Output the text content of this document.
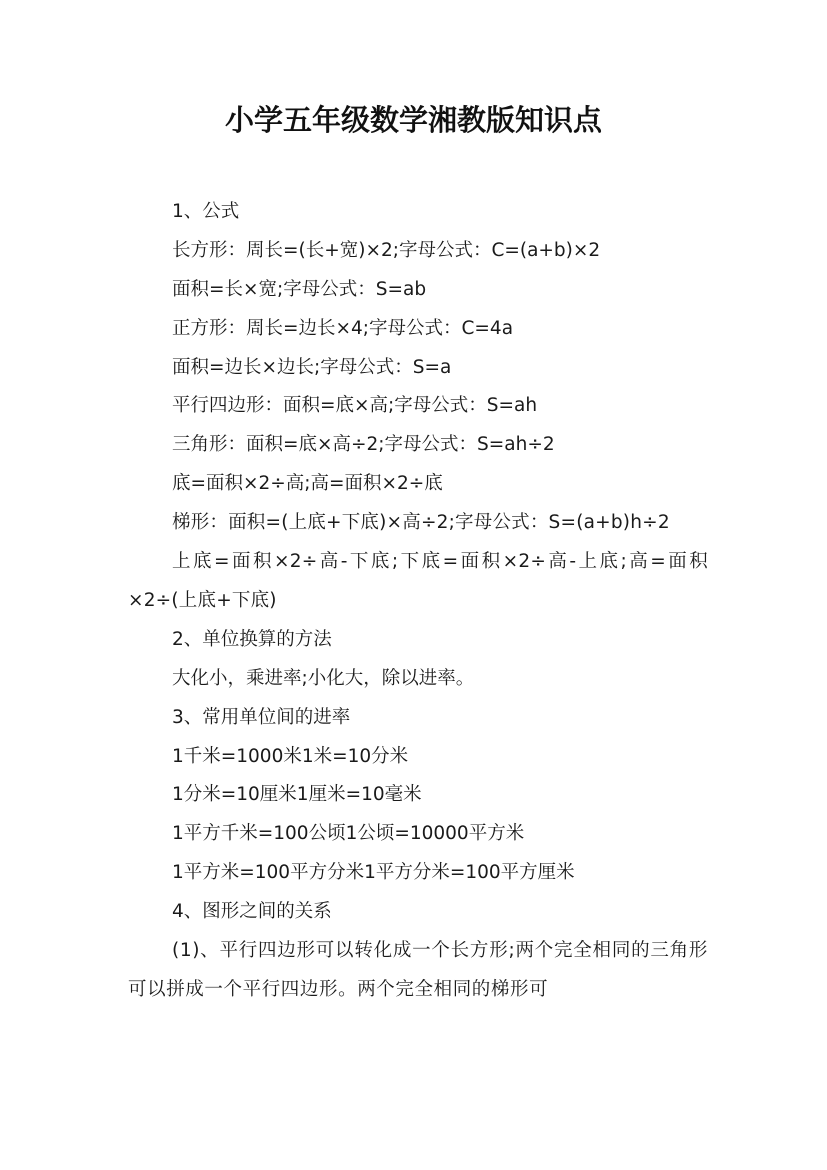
小学五年级数学湘教版知识点
1、公式
长方形：周长=(长+宽)×2;字母公式：C=(a+b)×2
面积=长×宽;字母公式：S=ab
正方形：周长=边长×4;字母公式：C=4a
面积=边长×边长;字母公式：S=a
平行四边形：面积=底×高;字母公式：S=ah
三角形：面积=底×高÷2;字母公式：S=ah÷2
底=面积×2÷高;高=面积×2÷底
梯形：面积=(上底+下底)×高÷2;字母公式：S=(a+b)h÷2
上底=面积×2÷高-下底;下底=面积×2÷高-上底;高=面积×2÷(上底+下底)
2、单位换算的方法
大化小，乘进率;小化大，除以进率。
3、常用单位间的进率
1千米=1000米1米=10分米
1分米=10厘米1厘米=10毫米
1平方千米=100公顷1公顷=10000平方米
1平方米=100平方分米1平方分米=100平方厘米
4、图形之间的关系
(1)、平行四边形可以转化成一个长方形;两个完全相同的三角形可以拼成一个平行四边形。两个完全相同的梯形可
